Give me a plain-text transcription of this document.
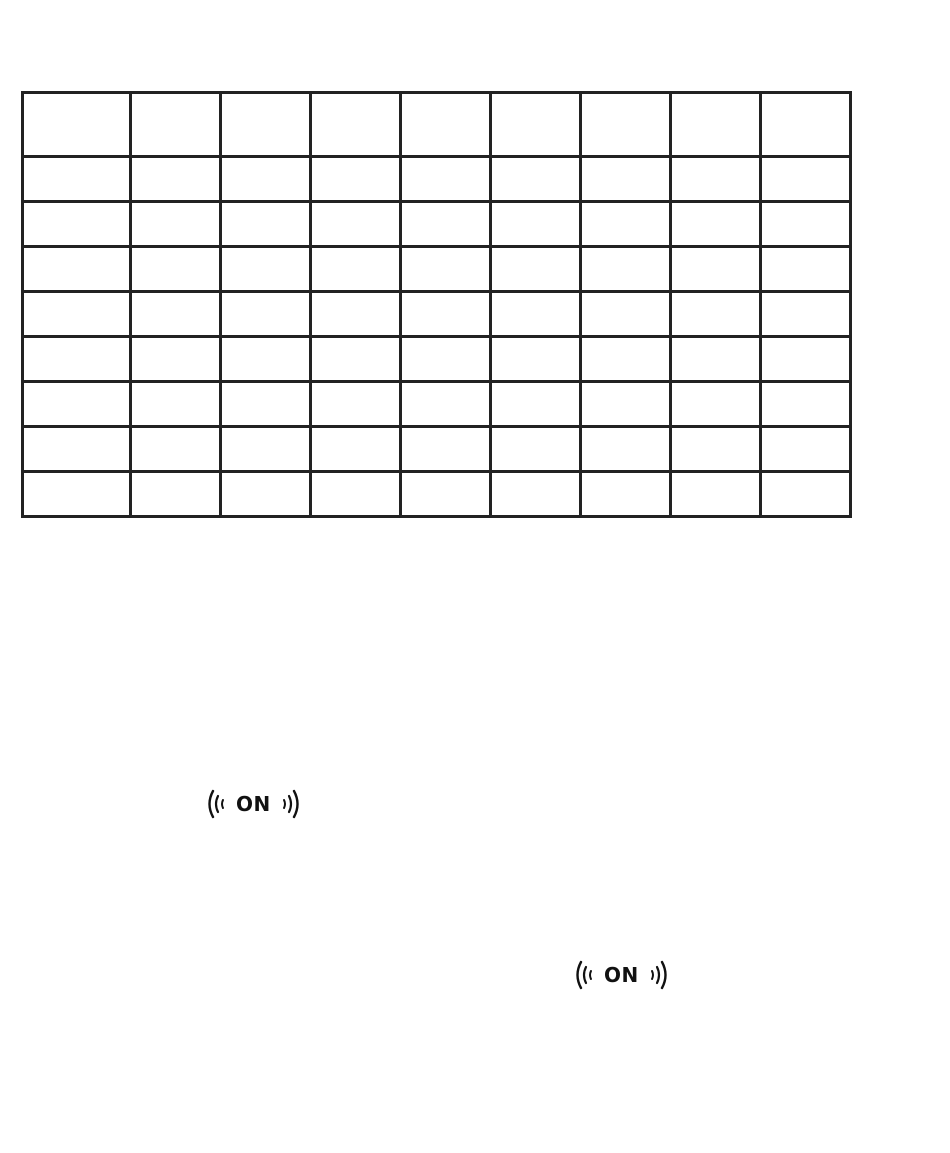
ON
ON
